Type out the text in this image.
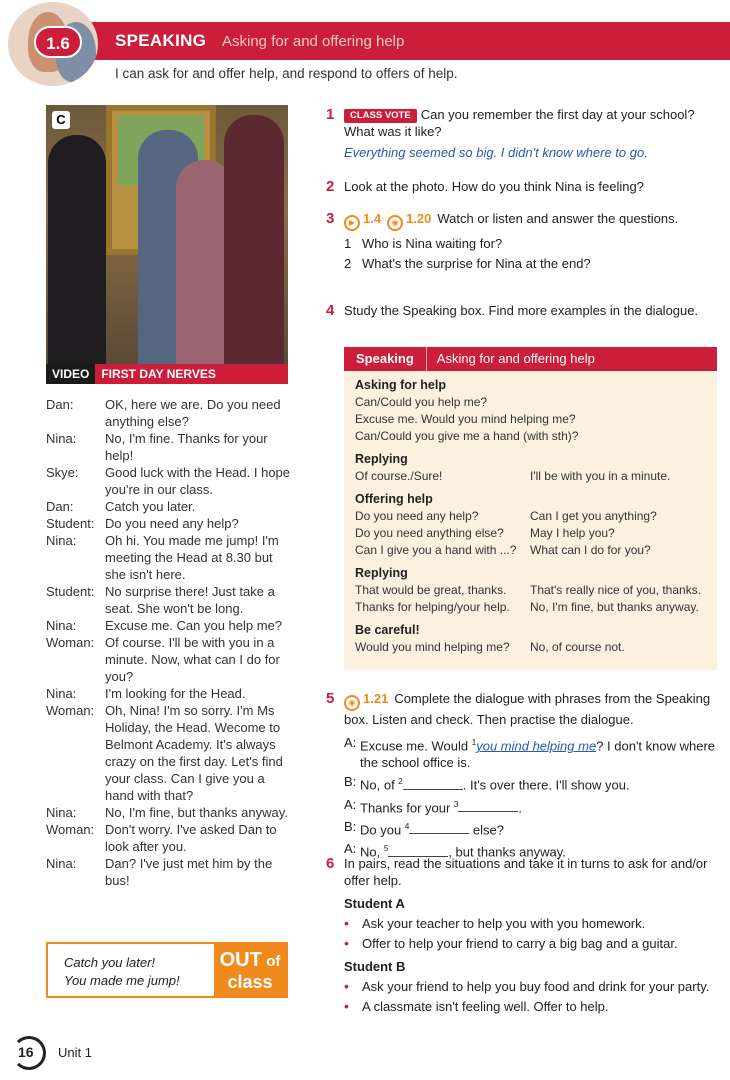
1.6	SPEAKING Asking for and offering help
I can ask for and offer help, and respond to offers of help.
C
VIDEO FIRST DAY NERVES
Dan:	OK, here we are. Do you need anything else?
Nina:	No, I'm fine. Thanks for your help!
Skye:	Good luck with the Head. I hope you're in our class.
Dan:	Catch you later.
Student: Do you need any help?
Nina:	Oh hi. You made me jump! I'm meeting the Head at 8.30 but she isn't here.
Student: No surprise there! Just take a seat. She won't be long.
Nina:	Excuse me. Can you help me?
Woman: Of course. I'll be with you in a minute. Now, what can I do for you?
Nina:	I'm looking for the Head.
Woman: Oh, Nina! I'm so sorry. I'm Ms Holiday, the Head. Wecome to Belmont Academy. It's always crazy on the first day. Let's find your class. Can I give you a hand with that?
Nina:	No, I'm fine, but thanks anyway.
Woman: Don't worry. I've asked Dan to look after you.
Nina:	Dan? I've just met him by the bus!
Catch you later!
You made me jump!
OUT of
class
16 Unit 1
1	CLASS VOTE Can you remember the first day at your school? What was it like?
Everything seemed so big. I didn't know where to go.
2 Look at the photo. How do you think Nina is feeling?
3	▶ 1.4 ◉ 1.20 Watch or listen and answer the questions.
1 Who is Nina waiting for?
2 What's the surprise for Nina at the end?
4 Study the Speaking box. Find more examples in the dialogue.
Speaking Asking for and offering help
Asking for help
Can/Could you help me?
Excuse me. Would you mind helping me?
Can/Could you give me a hand (with sth)?
Replying
Of course./Sure!	I'll be with you in a minute.
Offering help
Do you need any help?	Can I get you anything?
Do you need anything else?	May I help you?
Can I give you a hand with ...?	What can I do for you?
Replying
That would be great, thanks.	That's really nice of you, thanks.
Thanks for helping/your help.	No, I'm fine, but thanks anyway.
Be careful!
Would you mind helping me?	No, of course not.
5	◉ 1.21 Complete the dialogue with phrases from the Speaking box. Listen and check. Then practise the dialogue.
A: Excuse me. Would $^1$you mind helping me? I don't know where the school office is.
B: No, of $^2$	. It's over there. I'll show you.
A: Thanks for your $^3$	.
B: Do you $^4$	else?
A: No, $^5$	, but thanks anyway.
6 In pairs, read the situations and take it in turns to ask for and/or offer help.
Student A
•	Ask your teacher to help you with you homework.
•	Offer to help your friend to carry a big bag and a guitar.
Student B
•	Ask your friend to help you buy food and drink for your party.
•	A classmate isn't feeling well. Offer to help.
